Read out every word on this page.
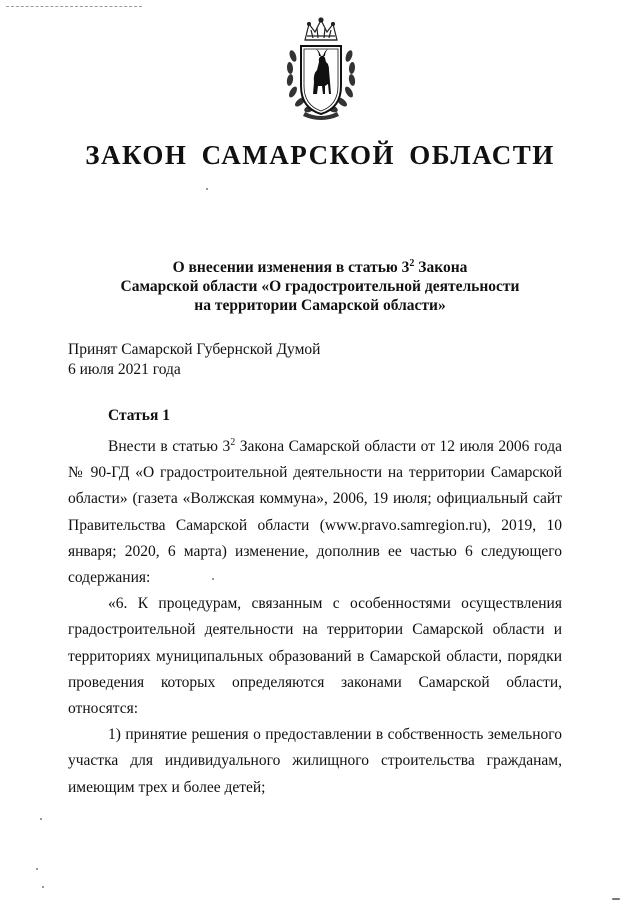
ЗАКОН САМАРСКОЙ ОБЛАСТИ
О внесении изменения в статью $3^2$ Закона
Самарской области «О градостроительной деятельности
на территории Самарской области»
Принят Самарской Губернской Думой
6 июля 2021 года
Статья 1

Внести в статью $3^2$ Закона Самарской области от 12 июля 2006 года № 90-ГД «О градостроительной деятельности на территории Самарской области» (газета «Волжская коммуна», 2006, 19 июля; официальный сайт Правительства Самарской области (www.pravo.samregion.ru), 2019, 10 января; 2020, 6 марта) изменение, дополнив ее частью 6 следующего содержания:

«6. К процедурам, связанным с особенностями осуществления градостроительной деятельности на территории Самарской области и территориях муниципальных образований в Самарской области, порядки проведения которых определяются законами Самарской области, относятся:

1) принятие решения о предоставлении в собственность земельного участка для индивидуального жилищного строительства гражданам, имеющим трех и более детей;
